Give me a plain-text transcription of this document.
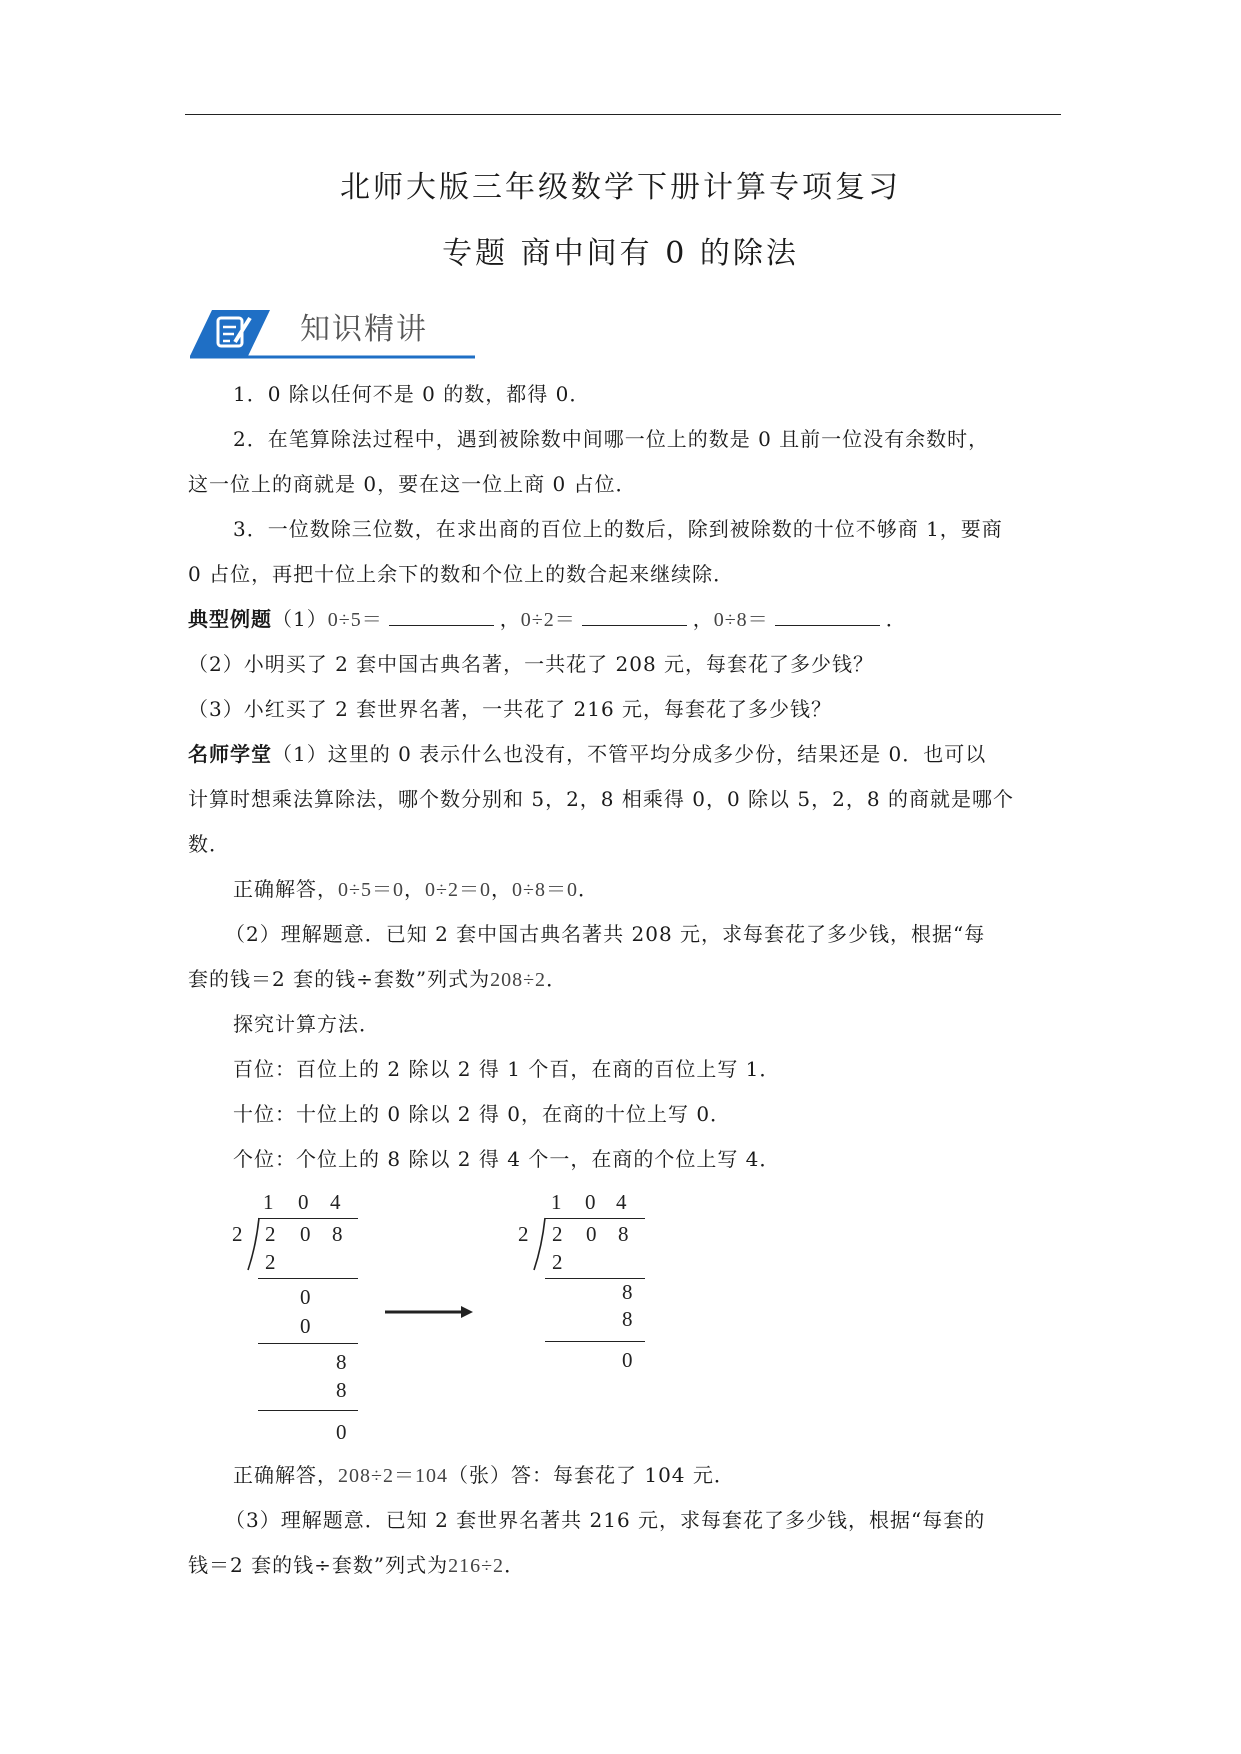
北师大版三年级数学下册计算专项复习
专题 商中间有 0 的除法
知识精讲
1．0 除以任何不是 0 的数，都得 0．
2．在笔算除法过程中，遇到被除数中间哪一位上的数是 0 且前一位没有余数时，
这一位上的商就是 0，要在这一位上商 0 占位．
3．一位数除三位数，在求出商的百位上的数后，除到被除数的十位不够商 1，要商
0 占位，再把十位上余下的数和个位上的数合起来继续除．
典型例题（1）0÷5＝	，0÷2＝	，0÷8＝	．
（2）小明买了 2 套中国古典名著，一共花了 208 元，每套花了多少钱？
（3）小红买了 2 套世界名著，一共花了 216 元，每套花了多少钱？
名师学堂（1）这里的 0 表示什么也没有，不管平均分成多少份，结果还是 0．也可以
计算时想乘法算除法，哪个数分别和 5，2，8 相乘得 0，0 除以 5，2，8 的商就是哪个
数．
正确解答，0÷5＝0，0÷2＝0，0÷8＝0．
（2）理解题意．已知 2 套中国古典名著共 208 元，求每套花了多少钱，根据“每
套的钱＝2 套的钱÷套数”列式为208÷2．
探究计算方法．
百位：百位上的 2 除以 2 得 1 个百，在商的百位上写 1．
十位：十位上的 0 除以 2 得 0，在商的十位上写 0．
个位：个位上的 8 除以 2 得 4 个一，在商的个位上写 4．
1 0 4
2 2 0 8
2
0
0
8
8
0
1 0 4
2 2 0 8
2
8
8
0
正确解答，208÷2＝104（张）答：每套花了 104 元．
（3）理解题意．已知 2 套世界名著共 216 元，求每套花了多少钱，根据“每套的
钱＝2 套的钱÷套数”列式为216÷2．
